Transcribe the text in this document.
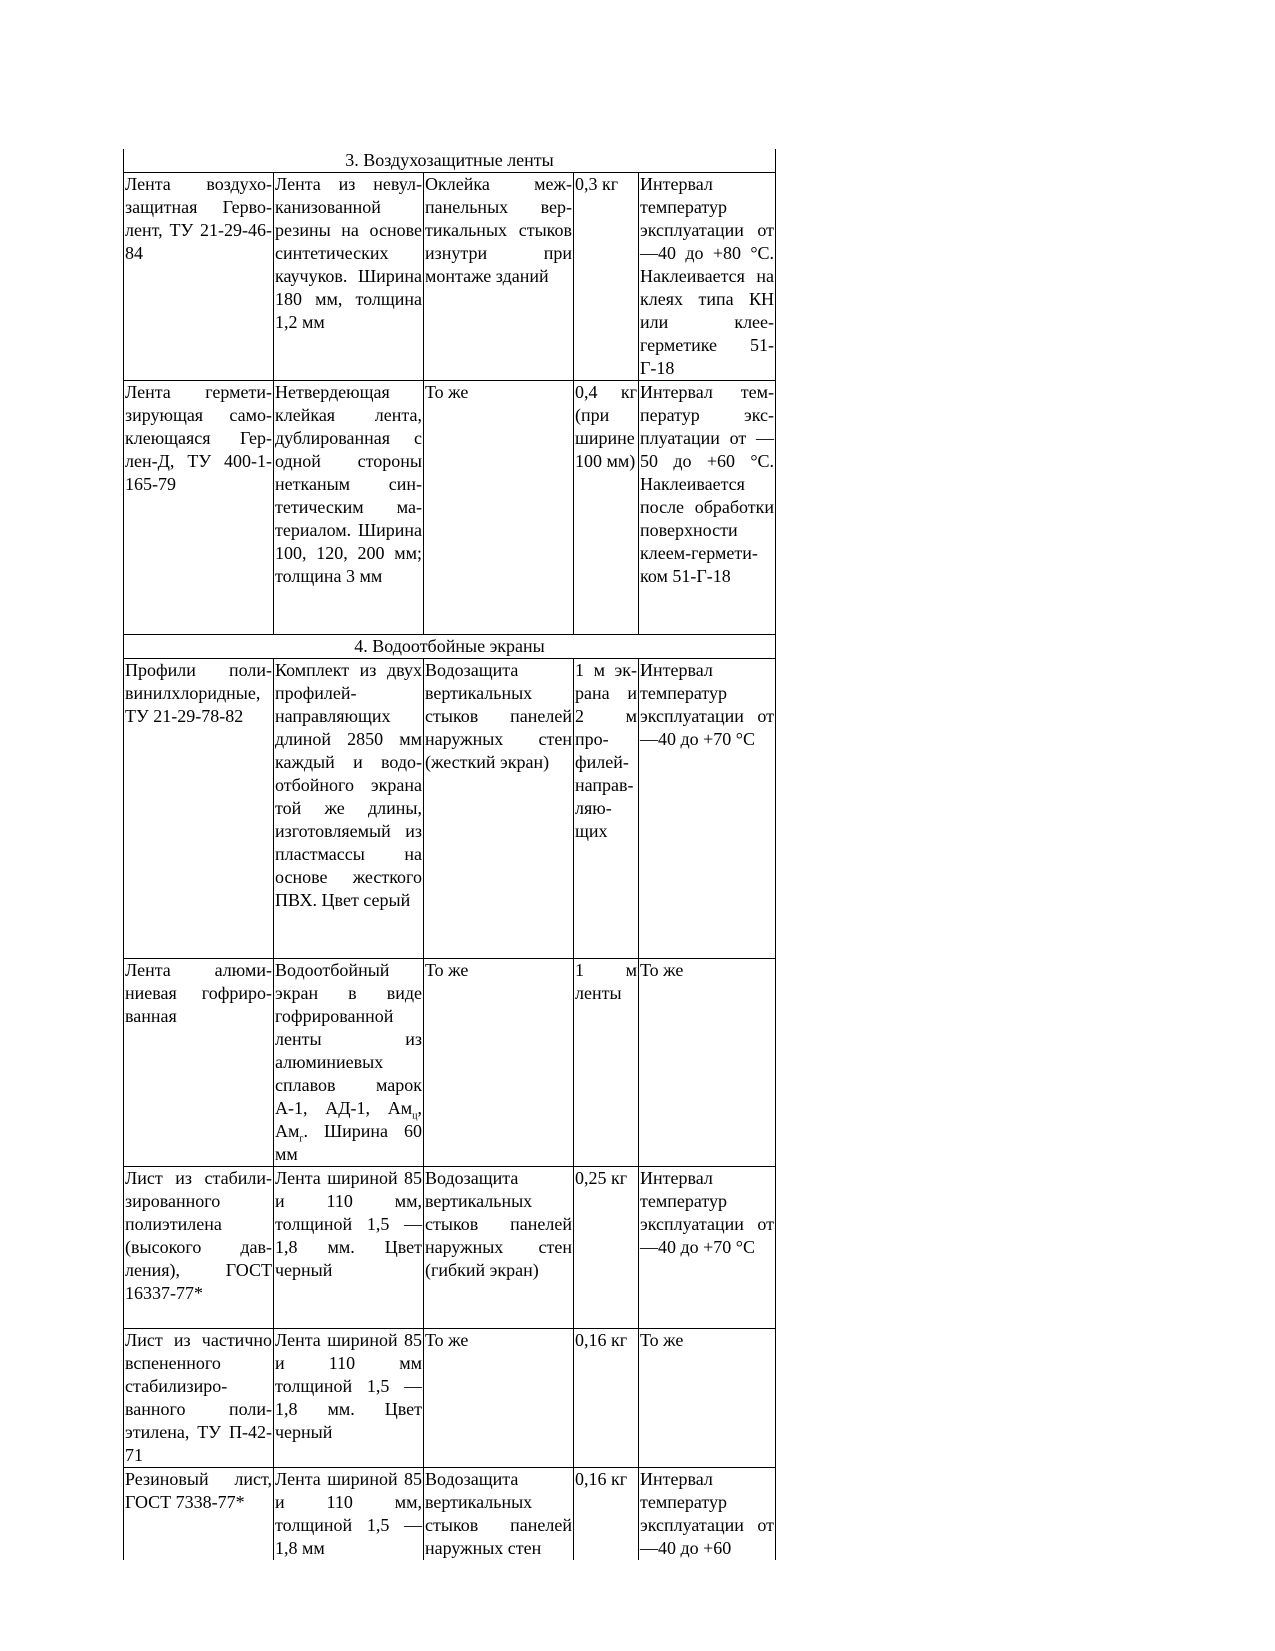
3. Воздухозащитные ленты				
Лента воздухозащитная Герволент, ТУ 21-29-46-84	Лента из невулканизованной резины на основе синтетических каучуков. Ширина 180 мм, толщина 1,2 мм	Оклейка межпанельных вертикальных стыков изнутри при монтаже зданий	0,3 кг	Интервал температур эксплуатации от —40 до +80 °С. Наклеивается на клеях типа КН или клее-герметике 51-Г-18
Лента герметизирующая самоклеющаяся Герлен-Д, ТУ 400-1-165-79	Нетвердеющая клейкая лента, дублированная с одной стороны нетканым синтетическим материалом. Ширина 100, 120, 200 мм; толщина 3 мм	То же	0,4 кг (при ширине 100 мм)	Интервал температур эксплуатации от —50 до +60 °С. Наклеивается после обработки поверхности клеем-герметиком 51-Г-18
4. Водоотбойные экраны				
Профили поливинилхлоридные, ТУ 21-29-78-82	Комплект из двух профилей-направляющих длиной 2850 мм каждый и водоотбойного экрана той же длины, изготовляемый из пластмассы на основе жесткого ПВХ. Цвет серый	Водозащита вертикальных стыков панелей наружных стен (жесткий экран)	1 м экрана и 2 м профилей-направляющих	Интервал температур эксплуатации от —40 до +70 °С
Лента алюминиевая гофрированная	Водоотбойный экран в виде гофрированной ленты из алюминиевых сплавов марок А-1, АД-1, $Ам_ц$, $Ам_г$. Ширина 60 мм	То же	1 м ленты	То же
Лист из стабилизированного полиэтилена (высокого давления), ГОСТ 16337-77*	Лента шириной 85 и 110 мм, толщиной 1,5 — 1,8 мм. Цвет черный	Водозащита вертикальных стыков панелей наружных стен (гибкий экран)	0,25 кг	Интервал температур эксплуатации от —40 до +70 °С
Лист из частично вспененного стабилизированного полиэтилена, ТУ П-42-71	Лента шириной 85 и 110 мм толщиной 1,5 — 1,8 мм. Цвет черный	То же	0,16 кг	То же
Резиновый лист, ГОСТ 7338-77*	Лента шириной 85 и 110 мм, толщиной 1,5 — 1,8 мм	Водозащита вертикальных стыков панелей наружных стен	0,16 кг	Интервал температур эксплуатации от —40 до +60
